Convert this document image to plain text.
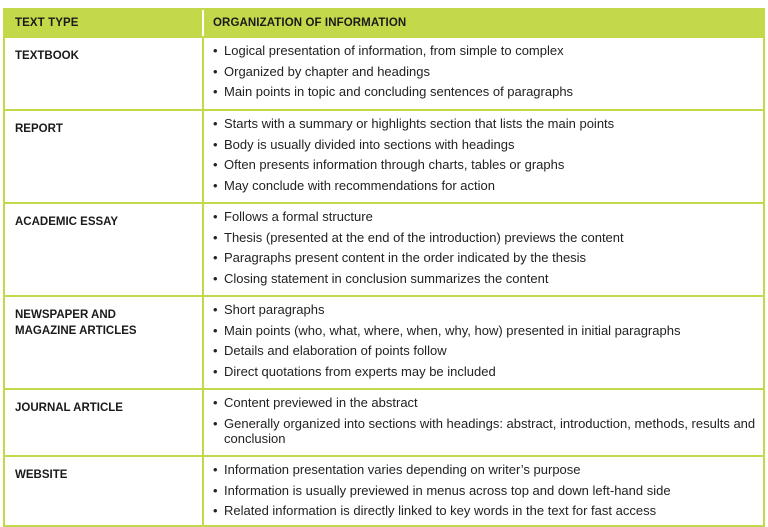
TEXT TYPE	ORGANIZATION OF INFORMATION
TEXTBOOK	• Logical presentation of information, from simple to complex
• Organized by chapter and headings
• Main points in topic and concluding sentences of paragraphs
REPORT	• Starts with a summary or highlights section that lists the main points
• Body is usually divided into sections with headings
• Often presents information through charts, tables or graphs
• May conclude with recommendations for action
ACADEMIC ESSAY	• Follows a formal structure
• Thesis (presented at the end of the introduction) previews the content
• Paragraphs present content in the order indicated by the thesis
• Closing statement in conclusion summarizes the content
NEWSPAPER AND MAGAZINE ARTICLES
• Short paragraphs
• Main points (who, what, where, when, why, how) presented in initial paragraphs
• Details and elaboration of points follow
• Direct quotations from experts may be included
JOURNAL ARTICLE	• Content previewed in the abstract
• Generally organized into sections with headings: abstract, introduction, methods, results and conclusion
WEBSITE	• Information presentation varies depending on writer’s purpose
• Information is usually previewed in menus across top and down left-hand side
• Related information is directly linked to key words in the text for fast access
